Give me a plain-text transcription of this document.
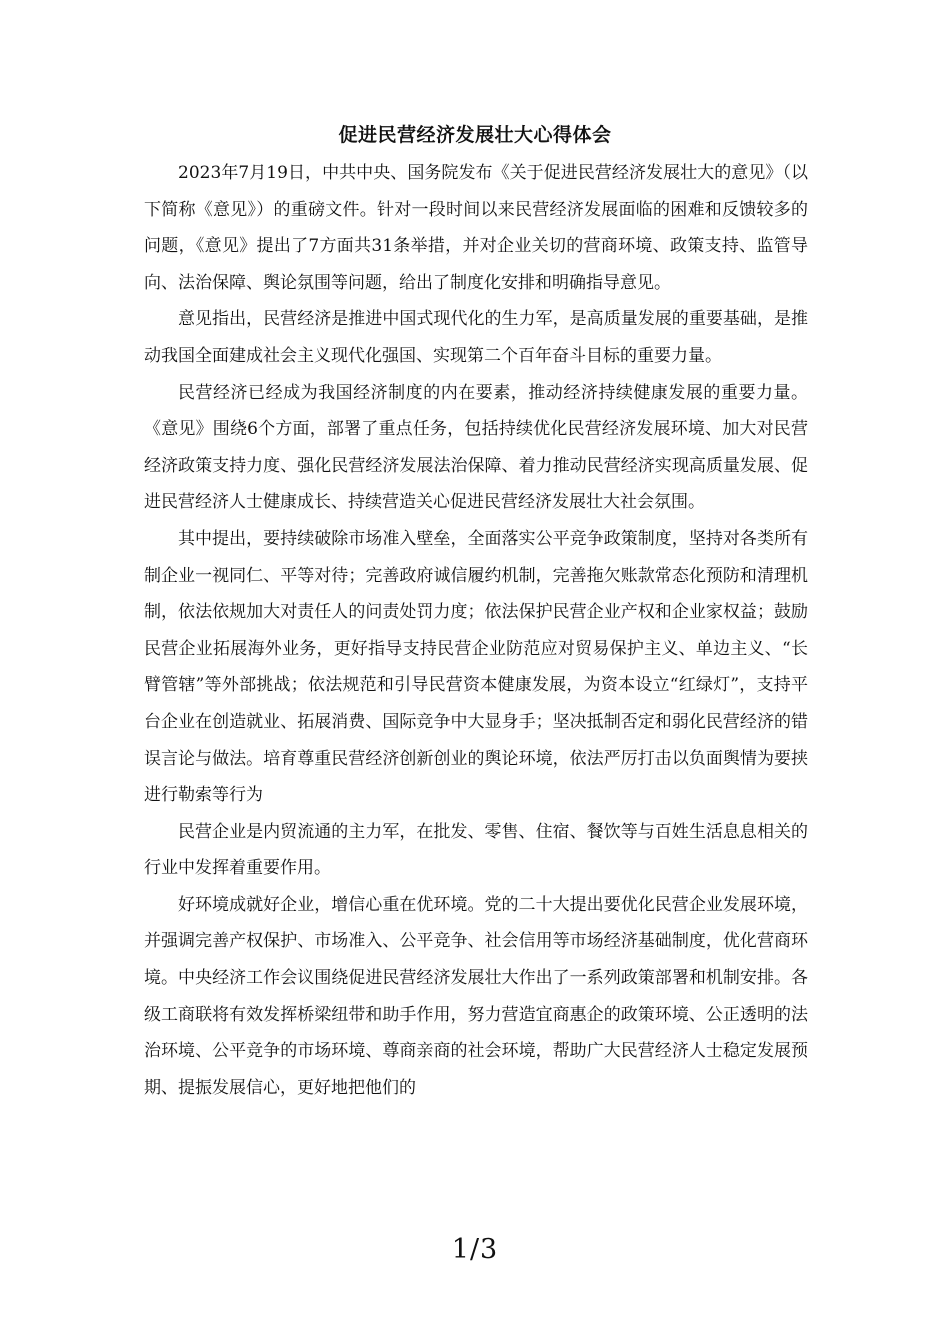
促进民营经济发展壮大心得体会

2023年7月19日，中共中央、国务院发布《关于促进民营经济发展壮大的意见》（以下简称《意见》）的重磅文件。针对一段时间以来民营经济发展面临的困难和反馈较多的问题，《意见》提出了7方面共31条举措，并对企业关切的营商环境、政策支持、监管导向、法治保障、舆论氛围等问题，给出了制度化安排和明确指导意见。

意见指出，民营经济是推进中国式现代化的生力军，是高质量发展的重要基础，是推动我国全面建成社会主义现代化强国、实现第二个百年奋斗目标的重要力量。

民营经济已经成为我国经济制度的内在要素，推动经济持续健康发展的重要力量。《意见》围绕6个方面，部署了重点任务，包括持续优化民营经济发展环境、加大对民营经济政策支持力度、强化民营经济发展法治保障、着力推动民营经济实现高质量发展、促进民营经济人士健康成长、持续营造关心促进民营经济发展壮大社会氛围。

其中提出，要持续破除市场准入壁垒，全面落实公平竞争政策制度，坚持对各类所有制企业一视同仁、平等对待；完善政府诚信履约机制，完善拖欠账款常态化预防和清理机制，依法依规加大对责任人的问责处罚力度；依法保护民营企业产权和企业家权益；鼓励民营企业拓展海外业务，更好指导支持民营企业防范应对贸易保护主义、单边主义、“长臂管辖”等外部挑战；依法规范和引导民营资本健康发展，为资本设立“红绿灯”，支持平台企业在创造就业、拓展消费、国际竞争中大显身手；坚决抵制否定和弱化民营经济的错误言论与做法。培育尊重民营经济创新创业的舆论环境，依法严厉打击以负面舆情为要挟进行勒索等行为

民营企业是内贸流通的主力军，在批发、零售、住宿、餐饮等与百姓生活息息相关的行业中发挥着重要作用。

好环境成就好企业，增信心重在优环境。党的二十大提出要优化民营企业发展环境，并强调完善产权保护、市场准入、公平竞争、社会信用等市场经济基础制度，优化营商环境。中央经济工作会议围绕促进民营经济发展壮大作出了一系列政策部署和机制安排。各级工商联将有效发挥桥梁纽带和助手作用，努力营造宜商惠企的政策环境、公正透明的法治环境、公平竞争的市场环境、尊商亲商的社会环境，帮助广大民营经济人士稳定发展预期、提振发展信心，更好地把他们的

1/3
